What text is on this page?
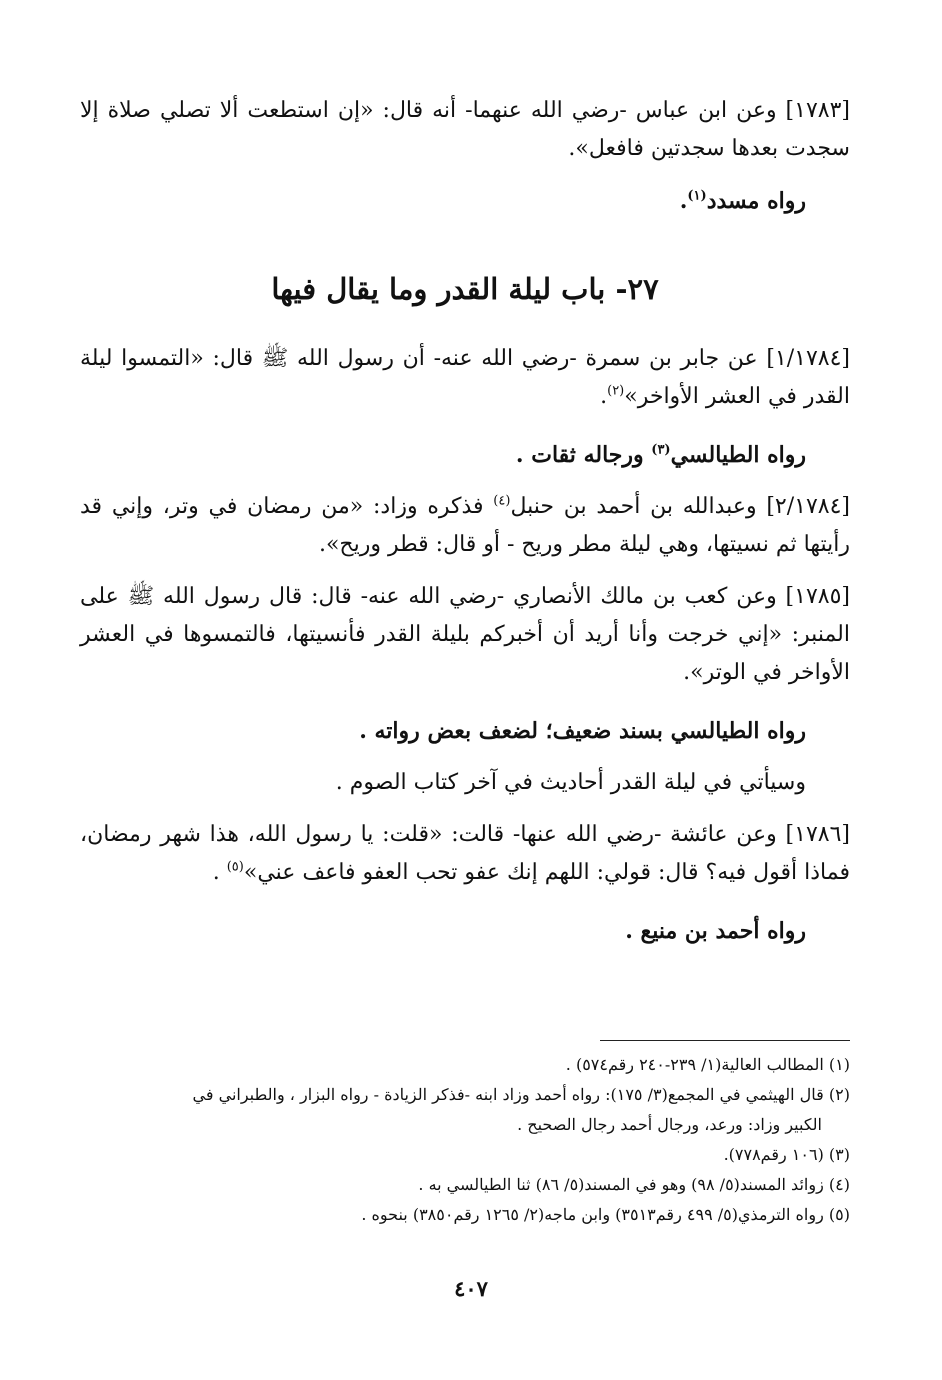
[١٧٨٣] وعن ابن عباس -رضي الله عنهما- أنه قال: «إن استطعت ألا تصلي صلاة إلا سجدت بعدها سجدتين فافعل».

رواه مسدد$^{(١)}$.

٢٧- باب ليلة القدر وما يقال فيها

[١/١٧٨٤] عن جابر بن سمرة -رضي الله عنه- أن رسول الله ﷺ قال: «التمسوا ليلة القدر في العشر الأواخر»$^{(٢)}$.

رواه الطيالسي$^{(٣)}$ ورجاله ثقات .

[٢/١٧٨٤] وعبدالله بن أحمد بن حنبل$^{(٤)}$ فذكره وزاد: «من رمضان في وتر، وإني قد رأيتها ثم نسيتها، وهي ليلة مطر وريح - أو قال: قطر وريح».

[١٧٨٥] وعن كعب بن مالك الأنصاري -رضي الله عنه- قال: قال رسول الله ﷺ على المنبر: «إني خرجت وأنا أريد أن أخبركم بليلة القدر فأنسيتها، فالتمسوها في العشر الأواخر في الوتر».

رواه الطيالسي بسند ضعيف؛ لضعف بعض رواته .

وسيأتي في ليلة القدر أحاديث في آخر كتاب الصوم .

[١٧٨٦] وعن عائشة -رضي الله عنها- قالت: «قلت: يا رسول الله، هذا شهر رمضان، فماذا أقول فيه؟ قال: قولي: اللهم إنك عفو تحب العفو فاعف عني»$^{(٥)}$ .

رواه أحمد بن منيع .

(١) المطالب العالية(١/ ٢٣٩-٢٤٠ رقم٥٧٤) .

(٢) قال الهيثمي في المجمع(٣/ ١٧٥): رواه أحمد وزاد ابنه -فذكر الزيادة - رواه البزار ، والطبراني في
الكبير وزاد: ورعد، ورجال أحمد رجال الصحيح .

(٣) (١٠٦ رقم٧٧٨).

(٤) زوائد المسند(٥/ ٩٨) وهو في المسند(٥/ ٨٦) ثنا الطيالسي به .

(٥) رواه الترمذي(٥/ ٤٩٩ رقم٣٥١٣) وابن ماجه(٢/ ١٢٦٥ رقم٣٨٥٠) بنحوه .

٤٠٧
